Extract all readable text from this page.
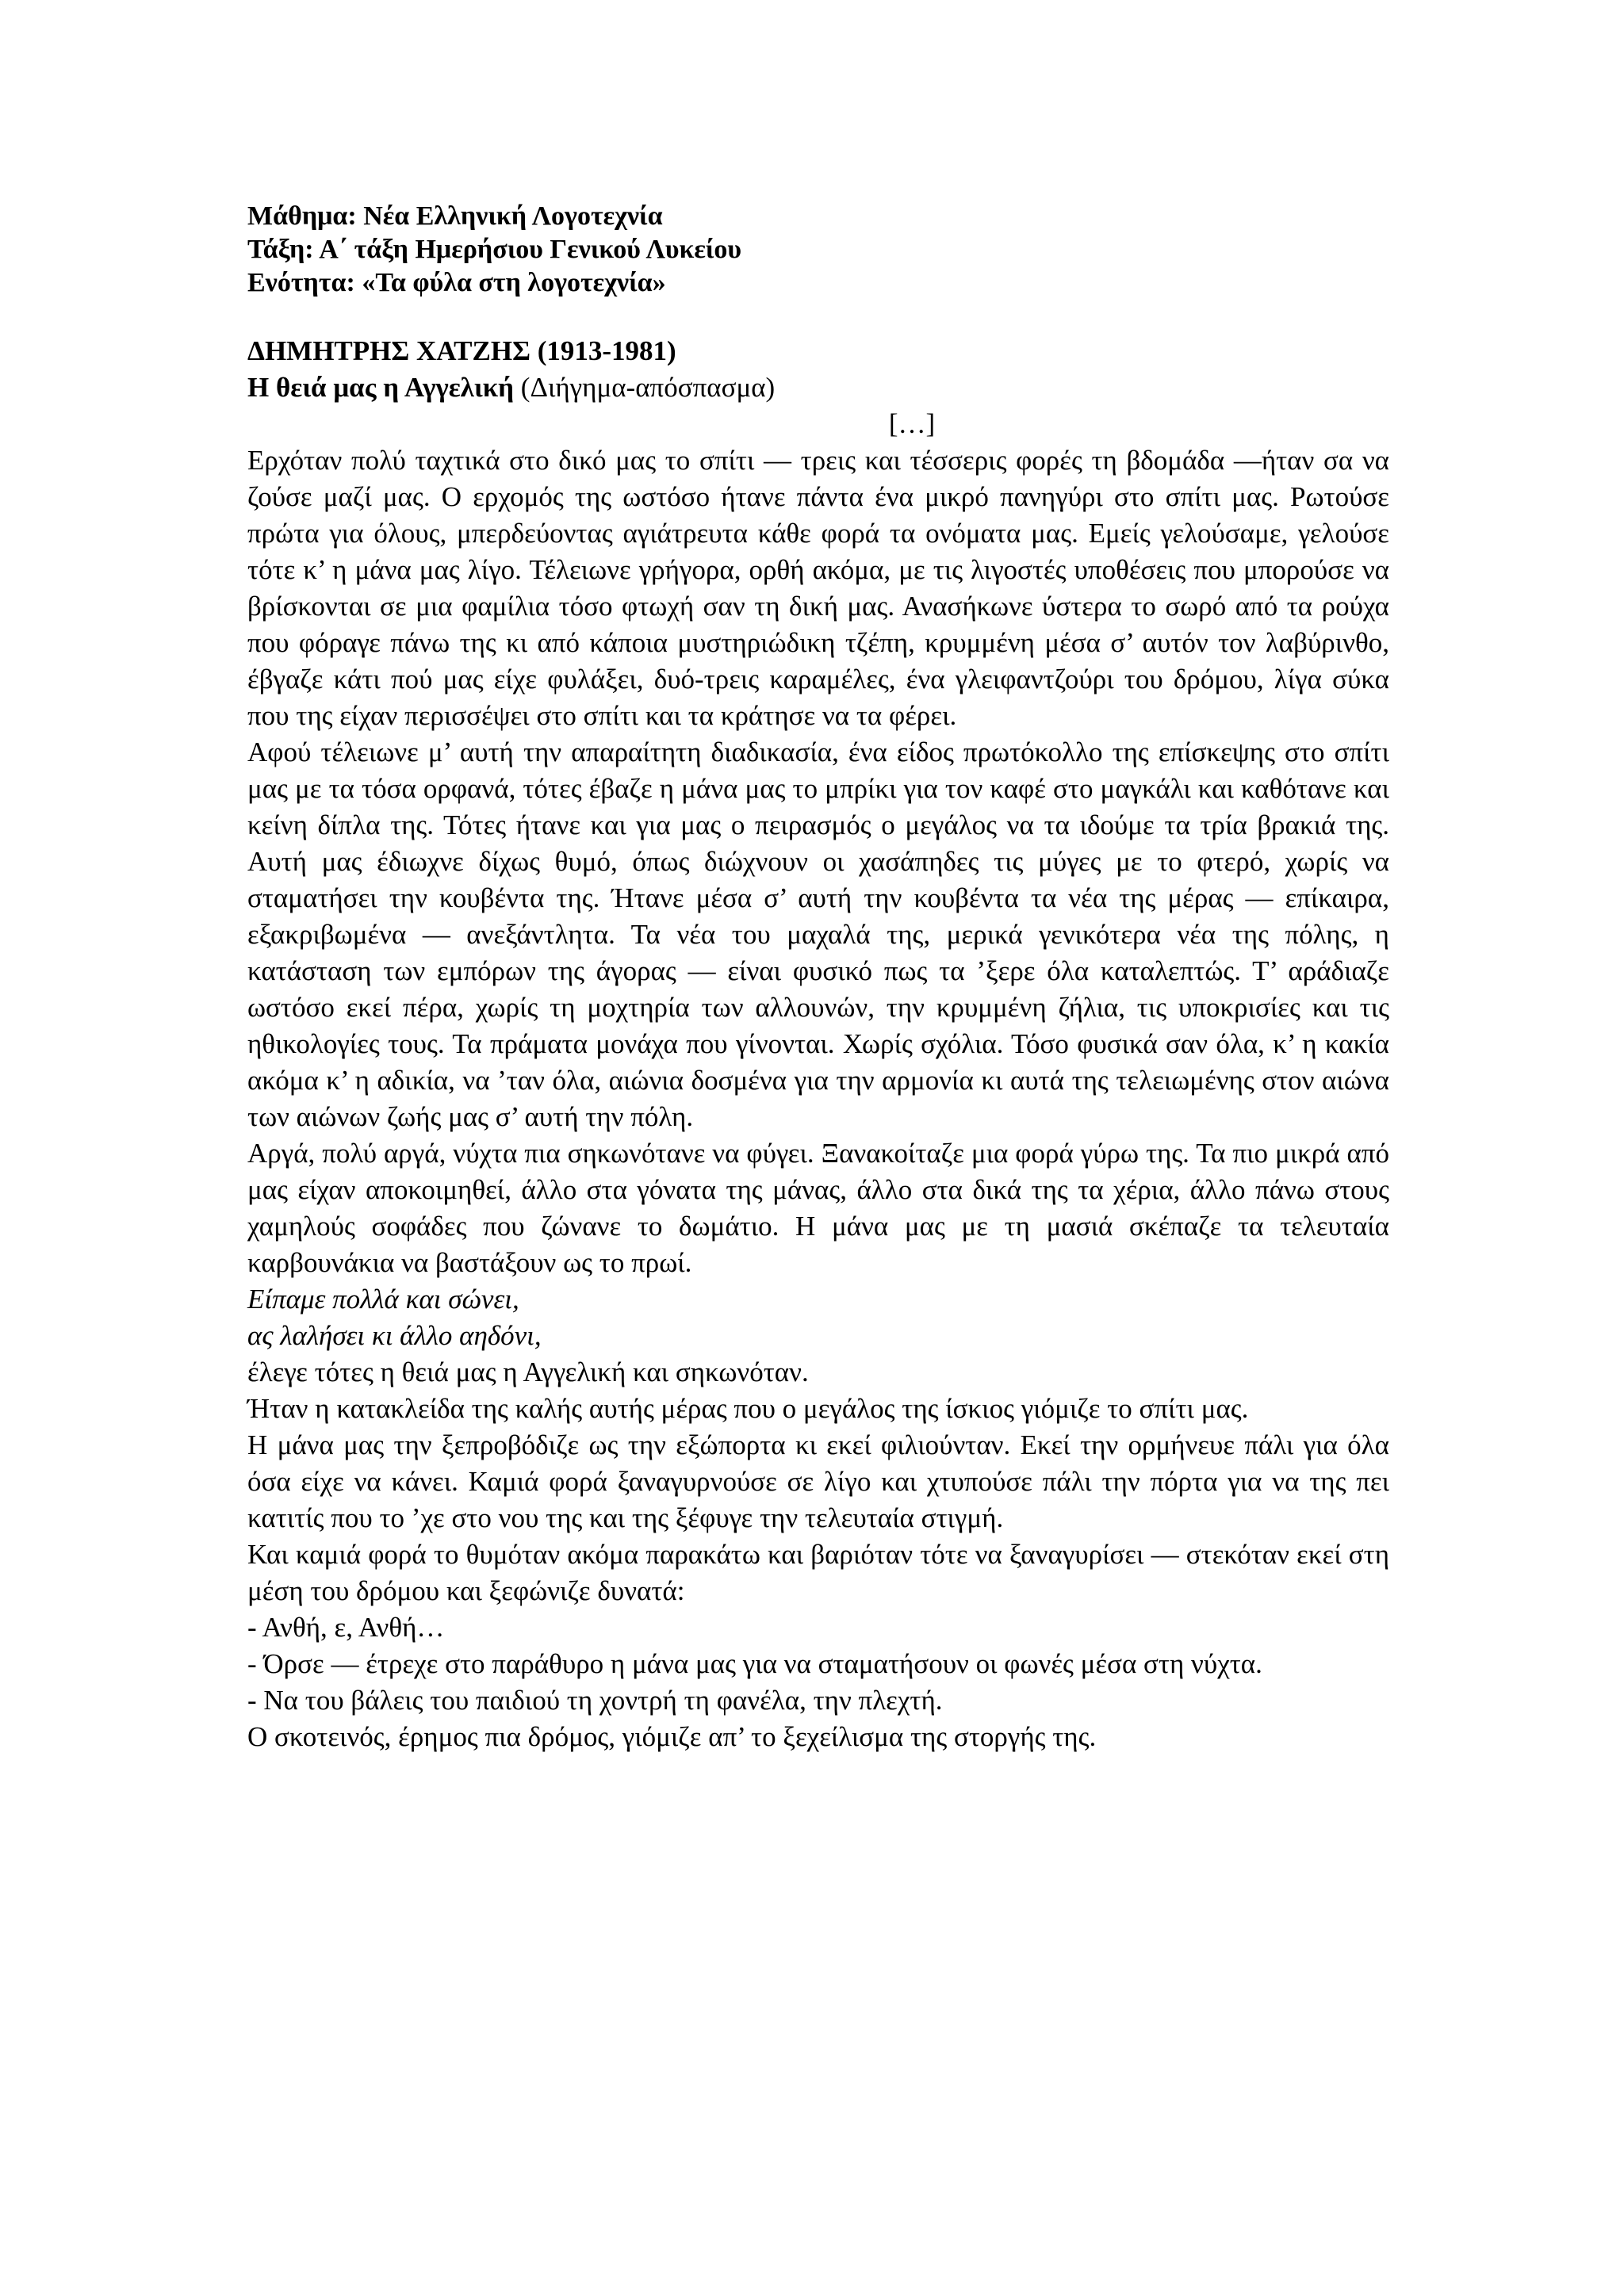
Μάθημα: Νέα Ελληνική Λογοτεχνία

Τάξη: Α΄ τάξη Ημερήσιου Γενικού Λυκείου

Ενότητα: «Τα φύλα στη λογοτεχνία»

ΔΗΜΗΤΡΗΣ ΧΑΤΖΗΣ (1913-1981)

Η θειά μας η Αγγελική (Διήγημα-απόσπασμα)

[…]

Ερχόταν πολύ ταχτικά στο δικό μας το σπίτι — τρεις και τέσσερις φορές τη βδομάδα —ήταν σα να ζούσε μαζί μας. Ο ερχομός της ωστόσο ήτανε πάντα ένα μικρό πανηγύρι στο σπίτι μας. Ρωτούσε πρώτα για όλους, μπερδεύοντας αγιάτρευτα κάθε φορά τα ονόματα μας. Εμείς γελούσαμε, γελούσε τότε κ’ η μάνα μας λίγο. Τέλειωνε γρήγορα, ορθή ακόμα, με τις λιγοστές υποθέσεις που μπορούσε να βρίσκονται σε μια φαμίλια τόσο φτωχή σαν τη δική μας. Ανασήκωνε ύστερα το σωρό από τα ρούχα που φόραγε πάνω της κι από κάποια μυστηριώδικη τζέπη, κρυμμένη μέσα σ’ αυτόν τον λαβύρινθο, έβγαζε κάτι πού μας είχε φυλάξει, δυό-τρεις καραμέλες, ένα γλειφαντζούρι του δρόμου, λίγα σύκα που της είχαν περισσέψει στο σπίτι και τα κράτησε να τα φέρει.

Αφού τέλειωνε μ’ αυτή την απαραίτητη διαδικασία, ένα είδος πρωτόκολλο της επίσκεψης στο σπίτι μας με τα τόσα ορφανά, τότες έβαζε η μάνα μας το μπρίκι για τον καφέ στο μαγκάλι και καθότανε και κείνη δίπλα της. Τότες ήτανε και για μας ο πειρασμός ο μεγάλος να τα ιδούμε τα τρία βρακιά της. Αυτή μας έδιωχνε δίχως θυμό, όπως διώχνουν οι χασάπηδες τις μύγες με το φτερό, χωρίς να σταματήσει την κουβέντα της. Ήτανε μέσα σ’ αυτή την κουβέντα τα νέα της μέρας — επίκαιρα, εξακριβωμένα — ανεξάντλητα. Τα νέα του μαχαλά της, μερικά γενικότερα νέα της πόλης, η κατάσταση των εμπόρων της άγορας — είναι φυσικό πως τα ’ξερε όλα καταλεπτώς. Τ’ αράδιαζε ωστόσο εκεί πέρα, χωρίς τη μοχτηρία των αλλουνών, την κρυμμένη ζήλια, τις υποκρισίες και τις ηθικολογίες τους. Τα πράματα μονάχα που γίνονται. Χωρίς σχόλια. Τόσο φυσικά σαν όλα, κ’ η κακία ακόμα κ’ η αδικία, να ’ταν όλα, αιώνια δοσμένα για την αρμονία κι αυτά της τελειωμένης στον αιώνα των αιώνων ζωής μας σ’ αυτή την πόλη.

Αργά, πολύ αργά, νύχτα πια σηκωνότανε να φύγει. Ξανακοίταζε μια φορά γύρω της. Τα πιο μικρά από μας είχαν αποκοιμηθεί, άλλο στα γόνατα της μάνας, άλλο στα δικά της τα χέρια, άλλο πάνω στους χαμηλούς σοφάδες που ζώνανε το δωμάτιο. Η μάνα μας με τη μασιά σκέπαζε τα τελευταία καρβουνάκια να βαστάξουν ως το πρωί.

Είπαμε πολλά και σώνει,

ας λαλήσει κι άλλο αηδόνι,

έλεγε τότες η θειά μας η Αγγελική και σηκωνόταν.

Ήταν η κατακλείδα της καλής αυτής μέρας που ο μεγάλος της ίσκιος γιόμιζε το σπίτι μας.

Η μάνα μας την ξεπροβόδιζε ως την εξώπορτα κι εκεί φιλιούνταν. Εκεί την ορμήνευε πάλι για όλα όσα είχε να κάνει. Καμιά φορά ξαναγυρνούσε σε λίγο και χτυπούσε πάλι την πόρτα για να της πει κατιτίς που το ’χε στο νου της και της ξέφυγε την τελευταία στιγμή.

Και καμιά φορά το θυμόταν ακόμα παρακάτω και βαριόταν τότε να ξαναγυρίσει — στεκόταν εκεί στη μέση του δρόμου και ξεφώνιζε δυνατά:

- Ανθή, ε, Ανθή…

- Όρσε — έτρεχε στο παράθυρο η μάνα μας για να σταματήσουν οι φωνές μέσα στη νύχτα.

- Να του βάλεις του παιδιού τη χοντρή τη φανέλα, την πλεχτή.

Ο σκοτεινός, έρημος πια δρόμος, γιόμιζε απ’ το ξεχείλισμα της στοργής της.
